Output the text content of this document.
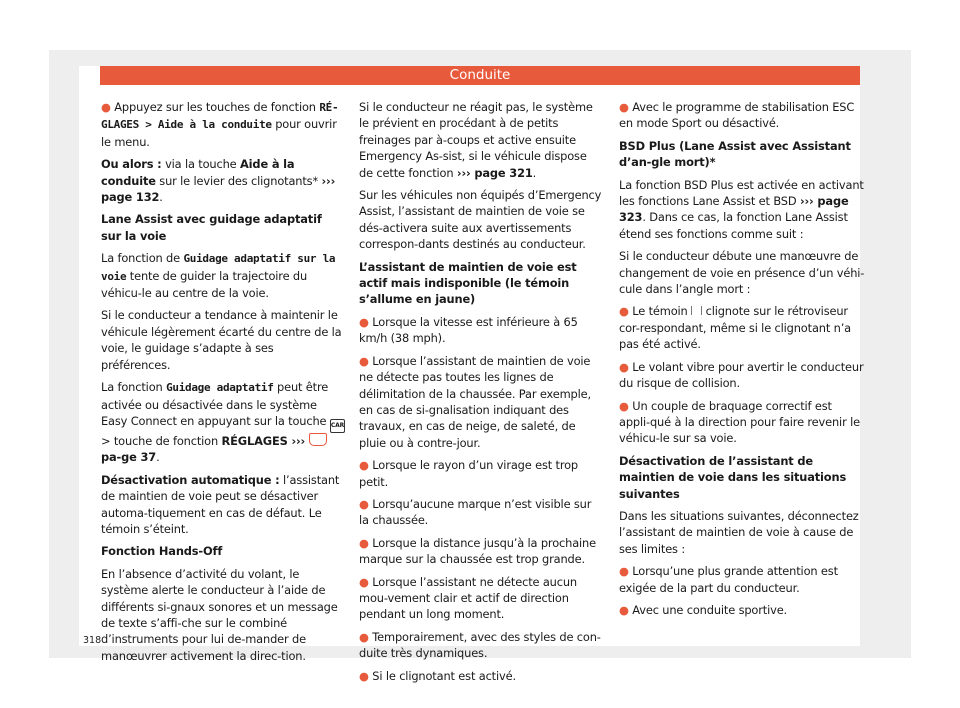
Conduite

● Appuyez sur les touches de fonction RÉ-GLAGES > Aide à la conduite pour ouvrir le menu.

Ou alors : via la touche Aide à la conduite sur le levier des clignotants* ››› page 132.

Lane Assist avec guidage adaptatif sur la voie

La fonction de Guidage adaptatif sur la voie tente de guider la trajectoire du véhicu-le au centre de la voie.

Si le conducteur a tendance à maintenir le véhicule légèrement écarté du centre de la voie, le guidage s’adapte à ses préférences.

La fonction Guidage adaptatif peut être activée ou désactivée dans le système Easy Connect en appuyant sur la touche CAR > touche de fonction RÉGLAGES ›››  pa-ge 37.

Désactivation automatique : l’assistant de maintien de voie peut se désactiver automa-tiquement en cas de défaut. Le témoin s’éteint.

Fonction Hands-Off

En l’absence d’activité du volant, le système alerte le conducteur à l’aide de différents si-gnaux sonores et un message de texte s’affi-che sur le combiné d’instruments pour lui de-mander de manœuvrer activement la direc-tion.

Si le conducteur ne réagit pas, le système le prévient en procédant à de petits freinages par à-coups et active ensuite Emergency As-sist, si le véhicule dispose de cette fonction ››› page 321.

Sur les véhicules non équipés d’Emergency Assist, l’assistant de maintien de voie se dés-activera suite aux avertissements correspon-dants destinés au conducteur.

L’assistant de maintien de voie est actif mais indisponible (le témoin s’allume en jaune)

● Lorsque la vitesse est inférieure à 65 km/h (38 mph).

● Lorsque l’assistant de maintien de voie ne détecte pas toutes les lignes de délimitation de la chaussée. Par exemple, en cas de si-gnalisation indiquant des travaux, en cas de neige, de saleté, de pluie ou à contre-jour.

● Lorsque le rayon d’un virage est trop petit.

● Lorsqu’aucune marque n’est visible sur la chaussée.

● Lorsque la distance jusqu’à la prochaine marque sur la chaussée est trop grande.

● Lorsque l’assistant ne détecte aucun mou-vement clair et actif de direction pendant un long moment.

● Temporairement, avec des styles de con-duite très dynamiques.

● Si le clignotant est activé.

● Avec le programme de stabilisation ESC en mode Sport ou désactivé.

BSD Plus (Lane Assist avec Assistant d’an-gle mort)*

La fonction BSD Plus est activée en activant les fonctions Lane Assist et BSD ››› page 323. Dans ce cas, la fonction Lane Assist étend ses fonctions comme suit :

Si le conducteur débute une manœuvre de changement de voie en présence d’un véhi-cule dans l’angle mort :

● Le témoin  clignote sur le rétroviseur cor-respondant, même si le clignotant n’a pas été activé.

● Le volant vibre pour avertir le conducteur du risque de collision.

● Un couple de braquage correctif est appli-qué à la direction pour faire revenir le véhicu-le sur sa voie.

Désactivation de l’assistant de maintien de voie dans les situations suivantes

Dans les situations suivantes, déconnectez l’assistant de maintien de voie à cause de ses limites :

● Lorsqu’une plus grande attention est exigée de la part du conducteur.

● Avec une conduite sportive.

318
